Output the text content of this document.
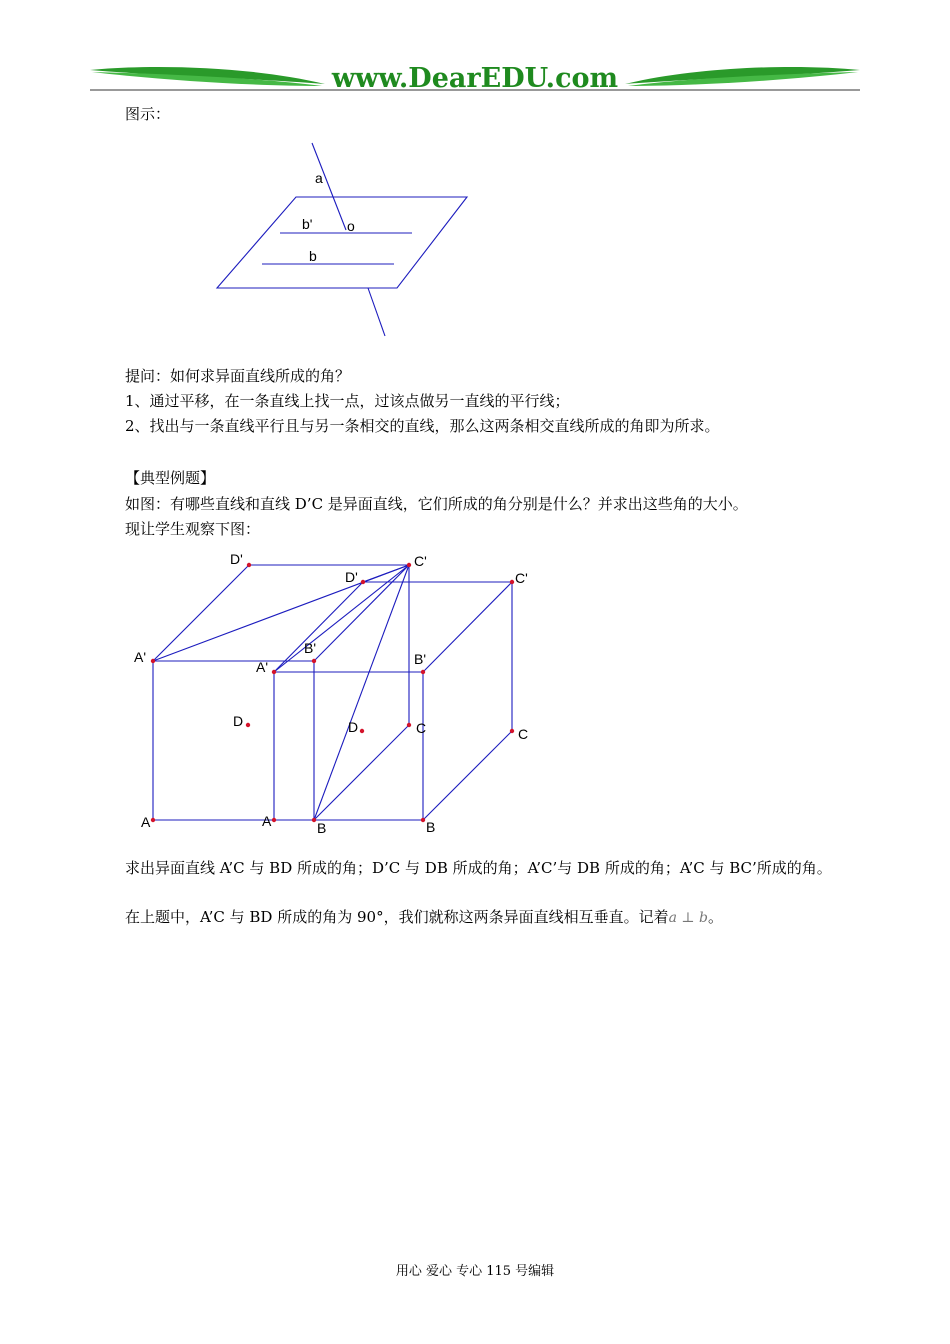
www.DearEDU.com
图示：
a
b' o
b
提问：如何求异面直线所成的角？
1、通过平移，在一条直线上找一点，过该点做另一直线的平行线；
2、找出与一条直线平行且与另一条相交的直线，那么这两条相交直线所成的角即为所求。
【典型例题】
如图：有哪些直线和直线 D’C 是异面直线，它们所成的角分别是什么？并求出这些角的大小。
现让学生观察下图：
D'	C'
D'	C'
A'
B'
A'	B'
D	D	C	C
A	A	B	B
求出异面直线 A’C 与 BD 所成的角；D’C 与 DB 所成的角；A’C’与 DB 所成的角；A’C 与 BC’所成的角。
在上题中，A’C 与 BD 所成的角为 90°，我们就称这两条异面直线相互垂直。记着a ⊥ b。
用心 爱心 专心 115 号编辑
